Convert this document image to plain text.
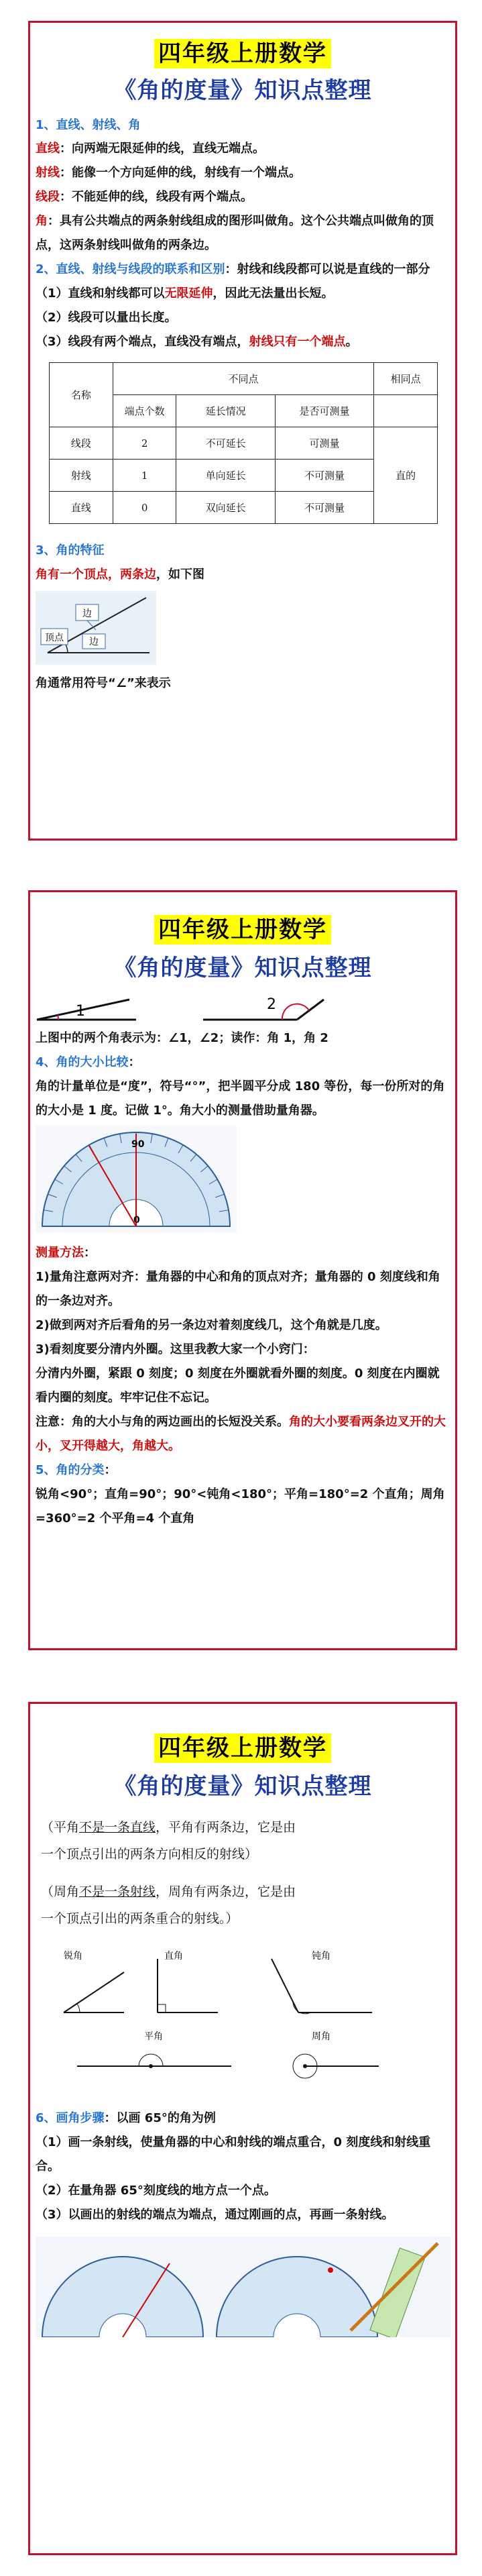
四年级上册数学
《角的度量》知识点整理
1、直线、射线、角
直线：向两端无限延伸的线，直线无端点。
射线：能像一个方向延伸的线，射线有一个端点。
线段：不能延伸的线，线段有两个端点。
角：具有公共端点的两条射线组成的图形叫做角。这个公共端点叫做角的顶点，这两条射线叫做角的两条边。
2、直线、射线与线段的联系和区别：射线和线段都可以说是直线的一部分
（1）直线和射线都可以无限延伸，因此无法量出长短。
（2）线段可以量出长度。
（3）线段有两个端点，直线没有端点，射线只有一个端点。
名称	不同点			相同点
	端点个数	延长情况	是否可测量	
线段	2	不可延长	可测量	直的
射线	1	单向延长	不可测量	
直线	0	双向延长	不可测量	
3、角的特征
角有一个顶点，两条边，如下图
边
顶点	边
角通常用符号“∠”来表示
四年级上册数学
《角的度量》知识点整理
1	2
上图中的两个角表示为：∠1，∠2；读作：角 1，角 2
4、角的大小比较：
角的计量单位是“度”，符号“°”，把半圆平分成 180 等份，每一份所对的角的大小是 1 度。记做 1°。角大小的测量借助量角器。
90
0
测量方法：
1)量角注意两对齐：量角器的中心和角的顶点对齐；量角器的 0 刻度线和角的一条边对齐。
2)做到两对齐后看角的另一条边对着刻度线几，这个角就是几度。
3)看刻度要分清内外圈。这里我教大家一个小窍门：
分清内外圈，紧跟 0 刻度；0 刻度在外圈就看外圈的刻度。0 刻度在内圈就看内圈的刻度。牢牢记住不忘记。
注意：角的大小与角的两边画出的长短没关系。角的大小要看两条边叉开的大小，叉开得越大，角越大。
5、角的分类：
锐角<90°；直角=90°；90°<钝角<180°；平角=180°=2 个直角；周角=360°=2 个平角=4 个直角
四年级上册数学
《角的度量》知识点整理
（平角不是一条直线，平角有两条边，它是由
一个顶点引出的两条方向相反的射线）
（周角不是一条射线，周角有两条边，它是由
一个顶点引出的两条重合的射线。）
锐角	直角	钝角
平角	周角
6、画角步骤：以画 65°的角为例
（1）画一条射线，使量角器的中心和射线的端点重合，0 刻度线和射线重合。
（2）在量角器 65°刻度线的地方点一个点。
（3）以画出的射线的端点为端点，通过刚画的点，再画一条射线。
